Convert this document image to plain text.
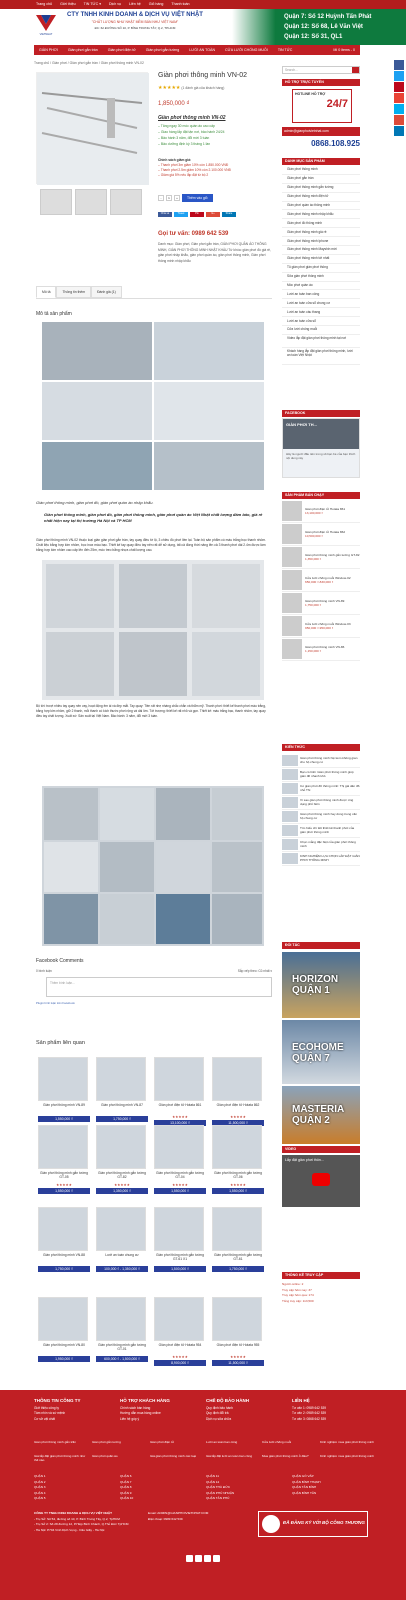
Trang chủ Giới thiệu TIN TỨC ▾ Dịch vụ Liên hệ Giỏ hàng Thanh toán
VIETNHAT
CTY TNHH KINH DOANH & DỊCH VỤ VIỆT NHẬT
"CHẤT LƯỢNG NHƯ NHẬT MỀM BÁN NHƯ VIỆT NAM"
ĐC: 62 ĐƯỜNG SỐ 10, P. BÌNH TRƯNG TÂY, Q.2, TP.HCM
Quận 7: Số 12 Huỳnh Tấn Phát
Quận 12: Số 68, Lê Văn Việt
Quận 12: Số 31, QL1
GIÀN PHƠI	Giàn phơi gắn trần	Giàn phơi điện tử	Giàn phơi gắn tường	LƯỚI AN TOÀN	CỬA LƯỚI CHỐNG MUỖI	TIN TỨC	Mi 0 items - 0
Trang chủ / Giàn phơi / Giàn phơi gắn trần / Giàn phơi thông minh VN-02
Giàn phơi thông minh VN-02
★★★★★ (1 đánh giá của khách hàng)
1,850,000 ₫
Giàn phơi thông minh VN-02
– Tăng ngay 30 móc quần áo cao cấp
– Giao hàng lắp đặt tận nơi, bảo hành 24/24
– Bảo hành 3 năm, đổi mới 3 tuần
– Bảo dưỡng định kỳ 3 tháng 1 lần
Chính sách giảm giá:
– Thanh phơi 3m giảm 10% còn 1.850.000 VNĐ
– Thanh phơi 2.5m giảm 10% còn 2.100.000 VNĐ
– Giảm giá 5% nếu lắp đặt từ bộ 2
-	1	+	Thêm vào giỏ
Chia sẻ	Tweet	Pin	G+	Share
Gọi tư vấn: 0989 642 539
Danh mục: Giàn phơi, Giàn phơi gắn trần, GIÀN PHƠI QUẦN ÁO THÔNG MINH, GIÀN PHƠI THÔNG MINH NHẬT KHẨU Từ khóa: giàn phơi đồ giá rẻ, giàn phơi nhập khẩu, giàn phơi quần áo, giàn phơi thông minh, Giàn phơi thông minh nhập khẩu
Mô tả	Thông tin thêm	Đánh giá (1)
Mô tả sản phẩm
Giàn phơi thông minh, giàn phơi đồ, giàn phơi quần áo nhập khẩu.
Giàn phơi thông minh, giàn phơi đồ, giàn phơi thông minh, giàn phơi quần áo Việt Nhật chất lượng đảm bảo, giá rẻ nhất hiện nay tại thị trường Hà Nội và TP HCM
Giàn phơi thông minh VN-02 thuộc loại giàn giàn phơi gắn trần, tay quay điều tớ lộ, 3 chiều đồ phơi liền lại. Toàn bộ sản phẩm có màu trắng bọc thanh nhôm. Chất liệu bằng hợp kim nhôm, bọc inox màu bạc. Thiết kế tay quay điều tay nên rất dễ sử dụng, tất cả đồng thời nâng lên cả 3 thanh phơi dài 2.4m được làm bằng hợp kim nhôm cao cấp lên đến 25m, móc treo bằng nhựa chất lượng cao.
Bộ tời: trượt nhiều tay quay nên vay, hoạt động êm ái và đẹp mắt. Tay quay: Tiền rất nhẹ nhàng chắc chắn và thẩm mỹ. Thanh phơi: thiết kế thanh phơi màu trắng, bằng hợp kim nhôm, giữ 2 thanh, mỗi thanh có kích thước phơi rộng và dài lớn. Tời trượng: thiết kế rất nhỏ và gọn. Thiết kế: màu trắng bạc, thanh nhôm, tay quay điều tay chất lượng. Xuất xứ: Sản xuất tại Việt Nam. Bảo hành: 3 năm, đổi mới 3 tuần.
Facebook Comments
0 bình luận	Sắp xếp theo: Cũ nhất ▾
Thêm bình luận...
Plugin bình luận trên Facebook
Sản phẩm liên quan
Giàn phơi thông minh VN-89
1,550,000 ₫
Giàn phơi thông minh VN-87
1,750,000 ₫
Giàn phơi điện tử Hotata 861
★★★★★
13,100,000 ₫
Giàn phơi điện tử Hotata 862
★★★★★
11,500,000 ₫
Giàn phơi thông minh gắn tường GT-05
★★★★★
1,550,000 ₫
Giàn phơi thông minh gắn tường GT-82
★★★★★
1,350,000 ₫
Giàn phơi thông minh gắn tường GT-04
★★★★★
1,550,000 ₫
Giàn phơi thông minh gắn tường GT-06
★★★★★
1,550,000 ₫
Giàn phơi thông minh VN-88
1,750,000 ₫
Lưới an toàn chung cư
100,000 ₫ - 1,350,000 ₫
Giàn phơi thông minh gắn tường GT-61 X1
1,500,000 ₫
Giàn phơi thông minh gắn tường GT-61
1,750,000 ₫
Giàn phơi thông minh VN-80
1,950,000 ₫
Giàn phơi thông minh gắn tường GT-01
600,000 ₫ - 1,500,000 ₫
Giàn phơi điện tử Hotata 954
★★★★★
8,900,000 ₫
Giàn phơi điện tử Hotata 955
★★★★★
11,500,000 ₫
Search...
HỖ TRỢ TRỰC TUYẾN
HOTLINE HỖ TRỢ
24/7
admin@gianphoivietnhat.com
0868.108.925
DANH MỤC SẢN PHẨM
Giàn phơi thông minh
Giàn phơi gắn trần
Giàn phơi thông minh gắn tường
Giàn phơi thông minh điện tử
Giàn phơi quần áo thông minh
Giàn phơi thông minh nhập khẩu
Giàn phơi đồ thông minh
Giàn phơi thông minh giá rẻ
Giàn phơi thông minh Iphone
Giàn phơi thông minh Mayshin mới
Giàn phơi thông minh tời nhất
Tủ giàn phơi giàn phơi thông
Sửa giàn phơi thông minh
Móc phơi quần áo
Lưới an toàn ban công
Lưới an toàn cửa sổ chung cư
Lưới an toàn cầu thang
Lưới an toàn cửa sổ
Cửa lưới chống muỗi
Video lắp đặt giàn phơi thông minh tại nơi
Khách hàng lắp đặt giàn phơi thông minh, lưới an toàn Việt Nhật
FACEBOOK
GIÀN PHƠI TH...
Hãy là người đầu tiên trong số bạn bè của bạn thích nội dung này
SẢN PHẨM BÁN CHẠY
Giàn phơi điện tử Hotata 861
13,100,000 ₫
Giàn phơi điện tử Hotata 862
10,500,000 ₫
Giàn phơi thông minh gắn tường GT-82
1,350,000 ₫
Cửa lưới chống muỗi Window-02
650,000 ₫-830,000 ₫
Giàn phơi thông minh VN-89
1,750,000 ₫
Cửa lưới chống muỗi Window-03
950,000 ₫-950,000 ₫
Giàn phơi thông minh VN-86
1,150,000 ₫
KIẾN THỨC
Giàn phơi thông minh hiệ kèm không gian cho hộ chung cư
Bạn có biết: Giàn phơi thông minh giúp giàn đồ nhanh khô
Có giàn phơi đồ thông minh: Thị giả dân đồ nhỏ Thi
Vì sao giàn phơi thông minh được ứng dụng phổ biến
Giàn phơi thông minh hay dùng trong căn hộ chung cư
Tìm hiểu chi tiết thiết kế thanh phơi của giàn phơi thông minh
Chọn mẫng đặc biệt của giàn phơi thông minh
KINH NGHIỆM LỰA CHỌN LẮP ĐẶT GIÀN PHƠI THÔNG MINH
ĐỐI TÁC
HORIZON QUẬN 1
ECOHOME QUẬN 7
MASTERIA QUẬN 2
VIDEO
Lắp đặt giàn phơi thôn...
THỐNG KÊ TRUY CẬP
Người online: 2
Truy cập hôm nay: 37
Truy cập hôm qua: 174
Tổng truy cập: 113,500
THÔNG TIN CÔNG TY
Giới thiệu công ty
Tầm nhìn và sứ mệnh
Cơ sở vật chất
HỖ TRỢ KHÁCH HÀNG
Chính sách bán hàng
Hướng dẫn mua hàng online
Liên hệ góp ý
CHẾ ĐỘ BẢO HÀNH
Quy định bảo hành
Quy định đổi trả
Dịch vụ sửa chữa
LIÊN HỆ
Tư vấn 1: 0989 642 539
Tư vấn 2: 0989 642 539
Tư vấn 3: 0868 642 539
Giàn phơi thông minh gắn trần	Giàn phơi gắn tường	Giàn phơi điện tử	Lưới an toàn ban công	Cửa lưới chống muỗi	Kinh nghiệm mua giàn phơi thông minh
Giá lắp đặt giàn phơi thông minh như thế nào
Giàn phơi quần áo	Giá giàn phơi thông minh các loại	Giá lắp đặt lưới an toàn ban công	Mua giàn phơi thông minh ở đâu?	Kinh nghiệm mua giàn phơi thông minh
QUẬN 1
QUẬN 2
QUẬN 3
QUẬN 4
QUẬN 5
QUẬN 6
QUẬN 7
QUẬN 8
QUẬN 9
QUẬN 10
QUẬN 11
QUẬN 12
QUẬN THỦ ĐỨC
QUẬN PHÚ NHUẬN
QUẬN TÂN PHÚ
QUẬN GÒ VẤP
QUẬN BÌNH THẠNH
QUẬN TÂN BÌNH
QUẬN BÌNH TÂN
CÔNG TY TNHH KINH DOANH & DỊCH VỤ VIỆT NHẬT
- Trụ Sở: Số 54, đường số 10, P. Bình Trưng Tây, Q.2, TpHCM
- Trụ Sở 2: Số 28 đường 12, P.Hiệp Bình Chánh, Q.Thủ Đức TpHCM
- Hà Nội: P704 Vinh Dịch Vọng - Cầu Giấy - Hà Nội
Email: ADMIN@GIANPHOIVIETNHAT.COM
Điện thoại: 0989 642 539
ĐÃ ĐĂNG KÝ VỚI BỘ CÔNG THƯƠNG
